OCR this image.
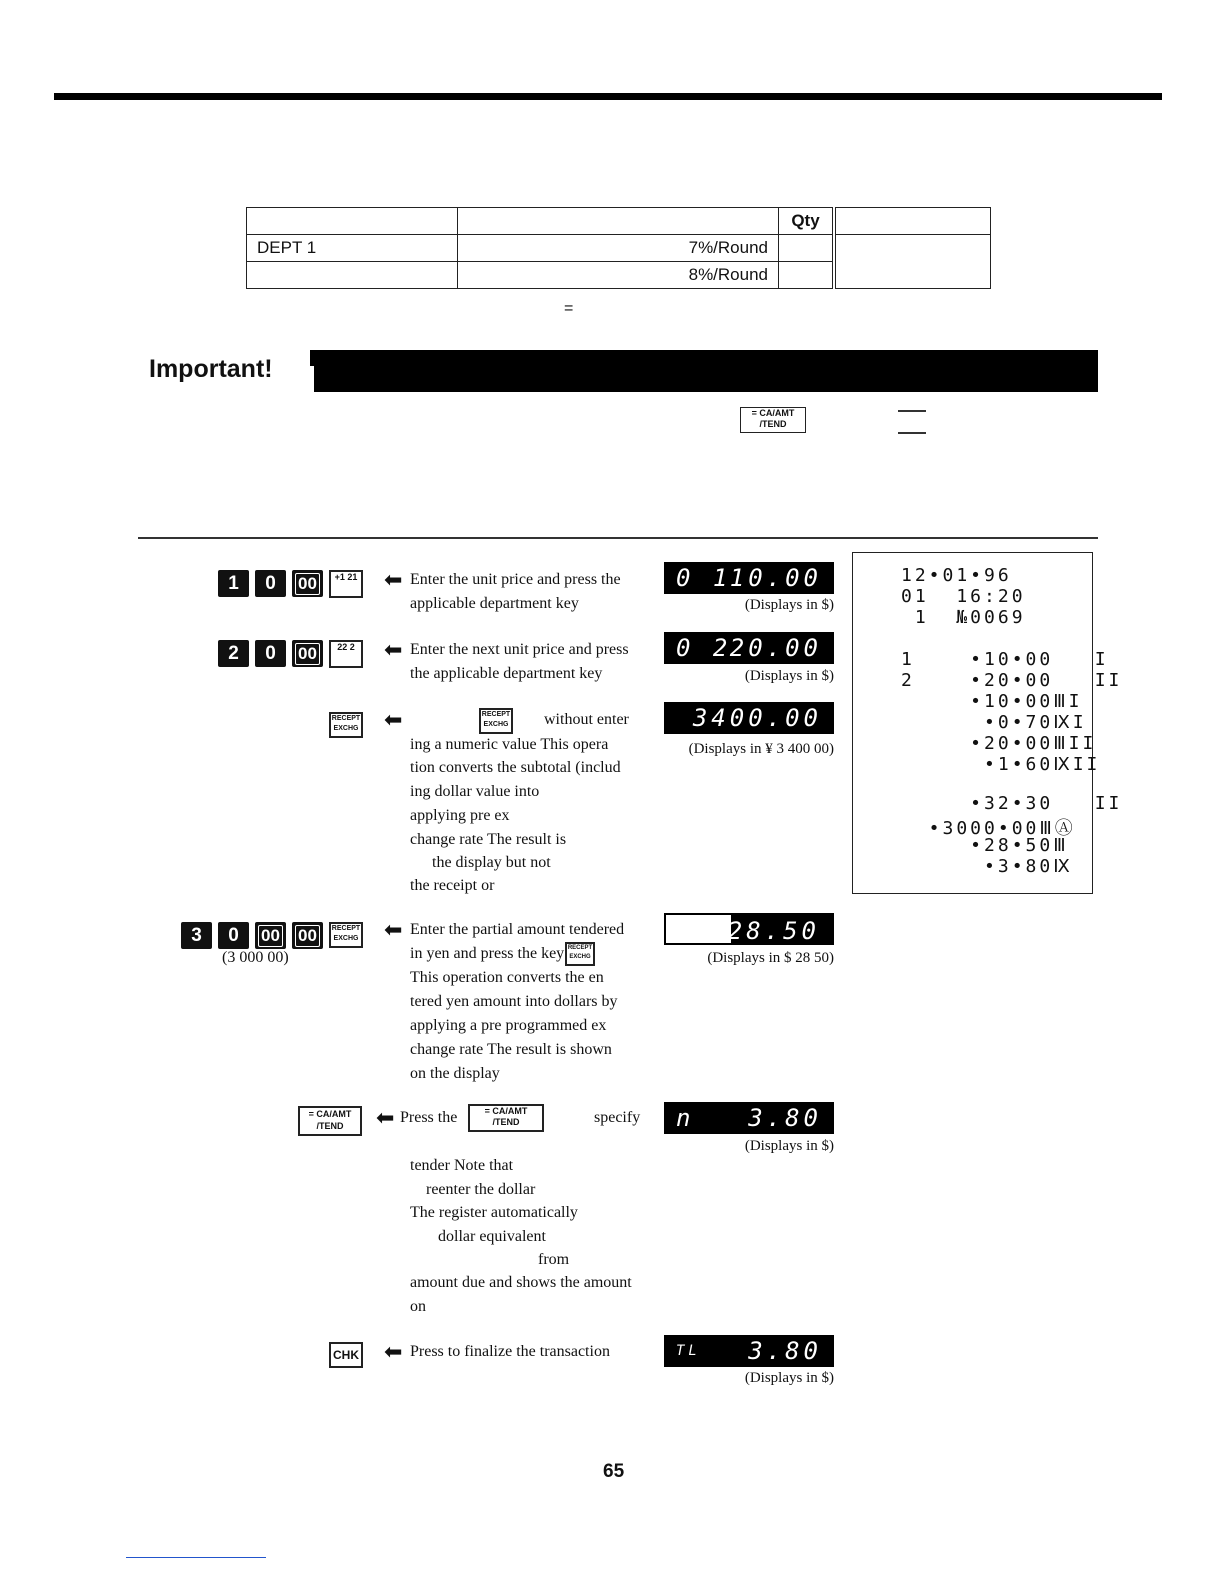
		Qty	
DEPT 1	7%/Round		
	8%/Round		
=
Important!
= CA/AMT /TEND
1	0	00	+1 21 ⬅ Enter the unit price and press the applicable department key
0 1
10.00
(Displays in $)
2	0	00	22 2	⬅ Enter the next unit price and press the applicable department key
0 2
20.00
(Displays in $)
RECEPT EXCHG ⬅	RECEPT EXCHG without enter
ing a numeric value This opera
tion converts the subtotal (includ
ing dollar value into
applying pre ex
change rate The result is
the display but not
the receipt or
3400.00
(Displays in ¥ 3 400 00)
3	0	00	00	RECEPT EXCHG
(3 000 00)
⬅ Enter the partial amount tendered
in yen and press the key RECEPT EXCHG
This operation converts the en
tered yen amount into dollars by
applying a pre programmed ex
change rate The result is shown
on the display
28.50
(Displays in $ 28 50)
= CA/AMT /TEND	⬅ Press the	= CA/AMT /TEND	specify
tender Note that
reenter the dollar
The register automatically
dollar equivalent
from
amount due and shows the amount
on
n 3.80
(Displays in $)
CHK ⬅ Press to finalize the transaction	TL 3.80
(Displays in $)
12•01•96
01  16:20
1  №0069
1    •10•00   I
2    •20•00   II
•10•00ⅢI
•0•70ⅨI
•20•00ⅢII
•1•60ⅨII
•32•30   II
•3000•00ⅢⒶ
•28•50Ⅲ
•3•80Ⅸ
65
